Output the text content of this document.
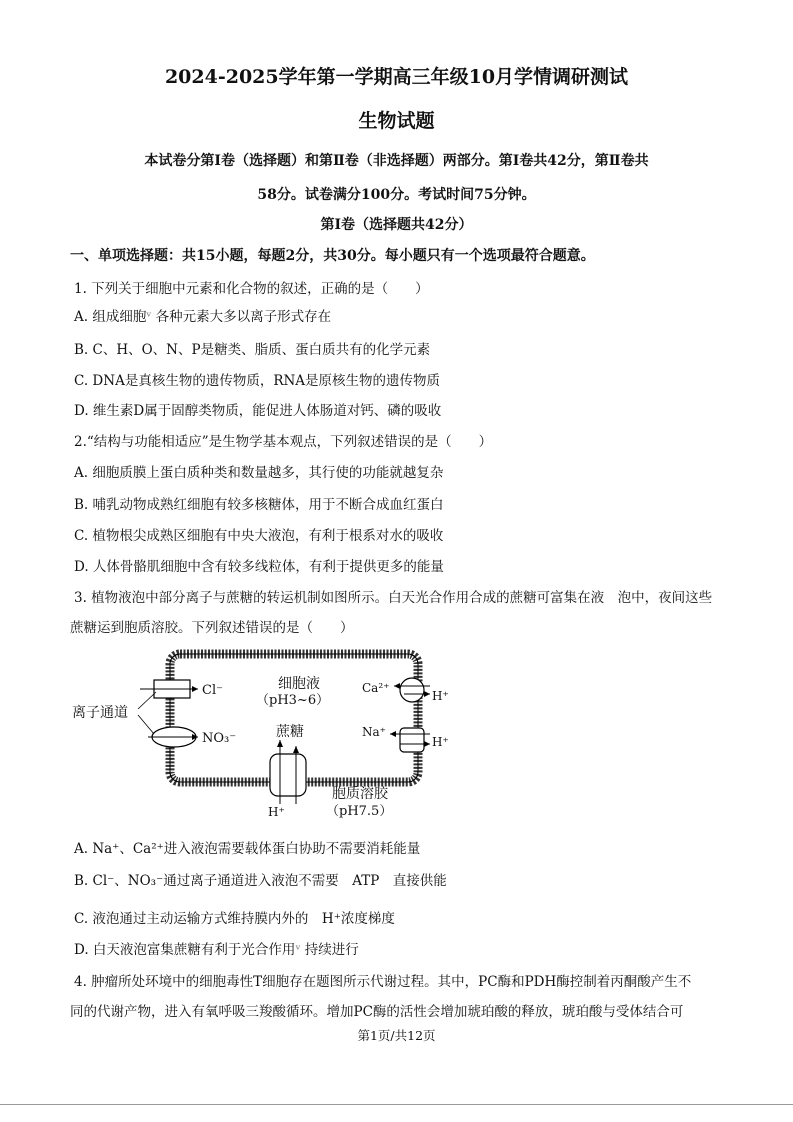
2024-2025学年第一学期高三年级10月学情调研测试
生物试题
本试卷分第Ⅰ卷（选择题）和第Ⅱ卷（非选择题）两部分。第Ⅰ卷共42分，第Ⅱ卷共
58分。试卷满分100分。考试时间75分钟。
第Ⅰ卷（选择题共42分）
一、单项选择题：共15小题，每题2分，共30分。每小题只有一个选项最符合题意。
1. 下列关于细胞中元素和化合物的叙述，正确的是（　　）
A. 组成细胞ᵛ 各种元素大多以离子形式存在
B. C、H、O、N、P是糖类、脂质、蛋白质共有的化学元素
C. DNA是真核生物的遗传物质，RNA是原核生物的遗传物质
D. 维生素D属于固醇类物质，能促进人体肠道对钙、磷的吸收
2.“结构与功能相适应”是生物学基本观点，下列叙述错误的是（　　）
A. 细胞质膜上蛋白质种类和数量越多，其行使的功能就越复杂
B. 哺乳动物成熟红细胞有较多核糖体，用于不断合成血红蛋白
C. 植物根尖成熟区细胞有中央大液泡，有利于根系对水的吸收
D. 人体骨骼肌细胞中含有较多线粒体，有利于提供更多的能量
3. 植物液泡中部分离子与蔗糖的转运机制如图所示。白天光合作用合成的蔗糖可富集在液　泡中，夜间这些
蔗糖运到胞质溶胶。下列叙述错误的是（　　）
Cl⁻
NO₃⁻
离子通道
细胞液
（pH3~6）
蔗糖
H⁺
胞质溶胶
（pH7.5）
Ca²⁺
H⁺
Na⁺
H⁺
A. Na⁺、Ca²⁺进入液泡需要载体蛋白协助不需要消耗能量
B. Cl⁻、NO₃⁻通过离子通道进入液泡不需要　ATP　直接供能
C. 液泡通过主动运输方式维持膜内外的　H⁺浓度梯度
D. 白天液泡富集蔗糖有利于光合作用ᵛ 持续进行
4. 肿瘤所处环境中的细胞毒性T细胞存在题图所示代谢过程。其中，PC酶和PDH酶控制着丙酮酸产生不
同的代谢产物，进入有氧呼吸三羧酸循环。增加PC酶的活性会增加琥珀酸的释放，琥珀酸与受体结合可
第1页/共12页
